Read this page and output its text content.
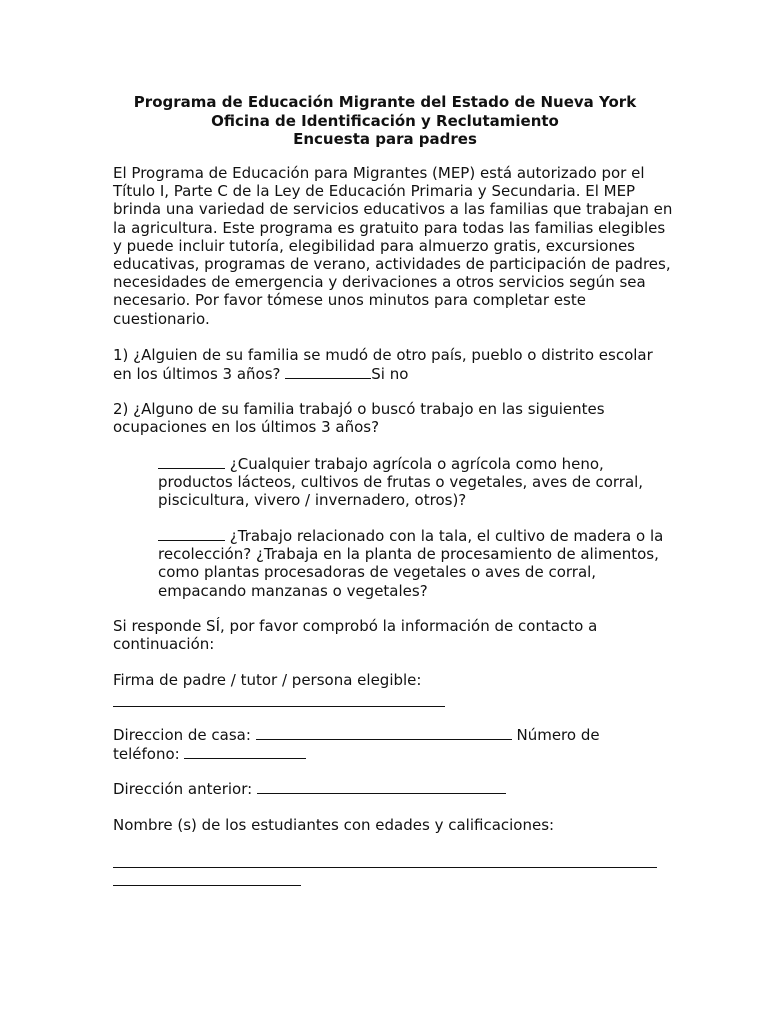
Programa de Educación Migrante del Estado de Nueva York
Oficina de Identificación y Reclutamiento
Encuesta para padres

El Programa de Educación para Migrantes (MEP) está autorizado por el Título I, Parte C de la Ley de Educación Primaria y Secundaria. El MEP brinda una variedad de servicios educativos a las familias que trabajan en la agricultura. Este programa es gratuito para todas las familias elegibles y puede incluir tutoría, elegibilidad para almuerzo gratis, excursiones educativas, programas de verano, actividades de participación de padres, necesidades de emergencia y derivaciones a otros servicios según sea necesario. Por favor tómese unos minutos para completar este cuestionario.

1) ¿Alguien de su familia se mudó de otro país, pueblo o distrito escolar en los últimos 3 años?	Si no

2) ¿Alguno de su familia trabajó o buscó trabajo en las siguientes ocupaciones en los últimos 3 años?

¿Cualquier trabajo agrícola o agrícola como heno, productos lácteos, cultivos de frutas o vegetales, aves de corral, piscicultura, vivero / invernadero, otros)?

¿Trabajo relacionado con la tala, el cultivo de madera o la recolección? ¿Trabaja en la planta de procesamiento de alimentos, como plantas procesadoras de vegetales o aves de corral, empacando manzanas o vegetales?

Si responde SÍ, por favor comprobó la información de contacto a continuación:

Firma de padre / tutor / persona elegible:

Direccion de casa:	Número de
teléfono:
Dirección anterior:

Nombre (s) de los estudiantes con edades y calificaciones:
